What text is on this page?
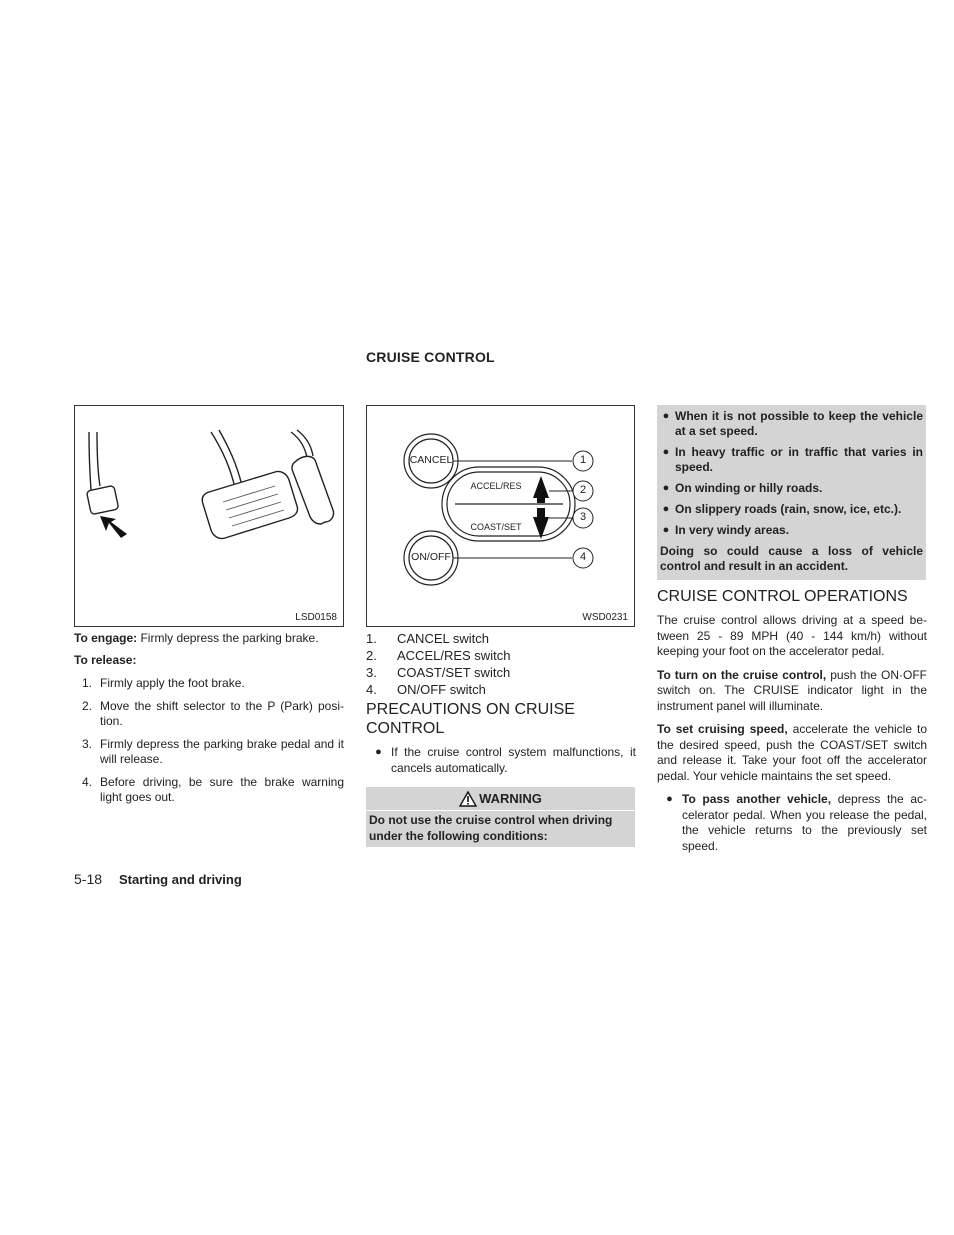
CRUISE CONTROL
LSD0158
CANCEL
ACCEL/RES
COAST/SET
ON/OFF
1
2
3
4
WSD0231

To engage: Firmly depress the parking brake.

To release:
1. Firmly apply the foot brake.
2. Move the shift selector to the P (Park) posi-tion.
3. Firmly depress the parking brake pedal and it will release.
4. Before driving, be sure the brake warning light goes out.
1.	CANCEL switch
2.	ACCEL/RES switch
3.	COAST/SET switch
4.	ON/OFF switch
PRECAUTIONS ON CRUISE CONTROL
● If the cruise control system malfunctions, it cancels automatically.
WARNING
Do not use the cruise control when driving under the following conditions:
● When it is not possible to keep the vehicle at a set speed.
● In heavy traffic or in traffic that varies in speed.
● On winding or hilly roads.
● On slippery roads (rain, snow, ice, etc.).
● In very windy areas.
Doing so could cause a loss of vehicle control and result in an accident.
CRUISE CONTROL OPERATIONS

The cruise control allows driving at a speed be-tween 25 - 89 MPH (40 - 144 km/h) without keeping your foot on the accelerator pedal.

To turn on the cruise control, push the ON·OFF switch on. The CRUISE indicator light in the instrument panel will illuminate.

To set cruising speed, accelerate the vehicle to the desired speed, push the COAST/SET switch and release it. Take your foot off the accelerator pedal. Your vehicle maintains the set speed.

● To pass another vehicle, depress the ac-celerator pedal. When you release the pedal, the vehicle returns to the previously set speed.
5-18 Starting and driving
